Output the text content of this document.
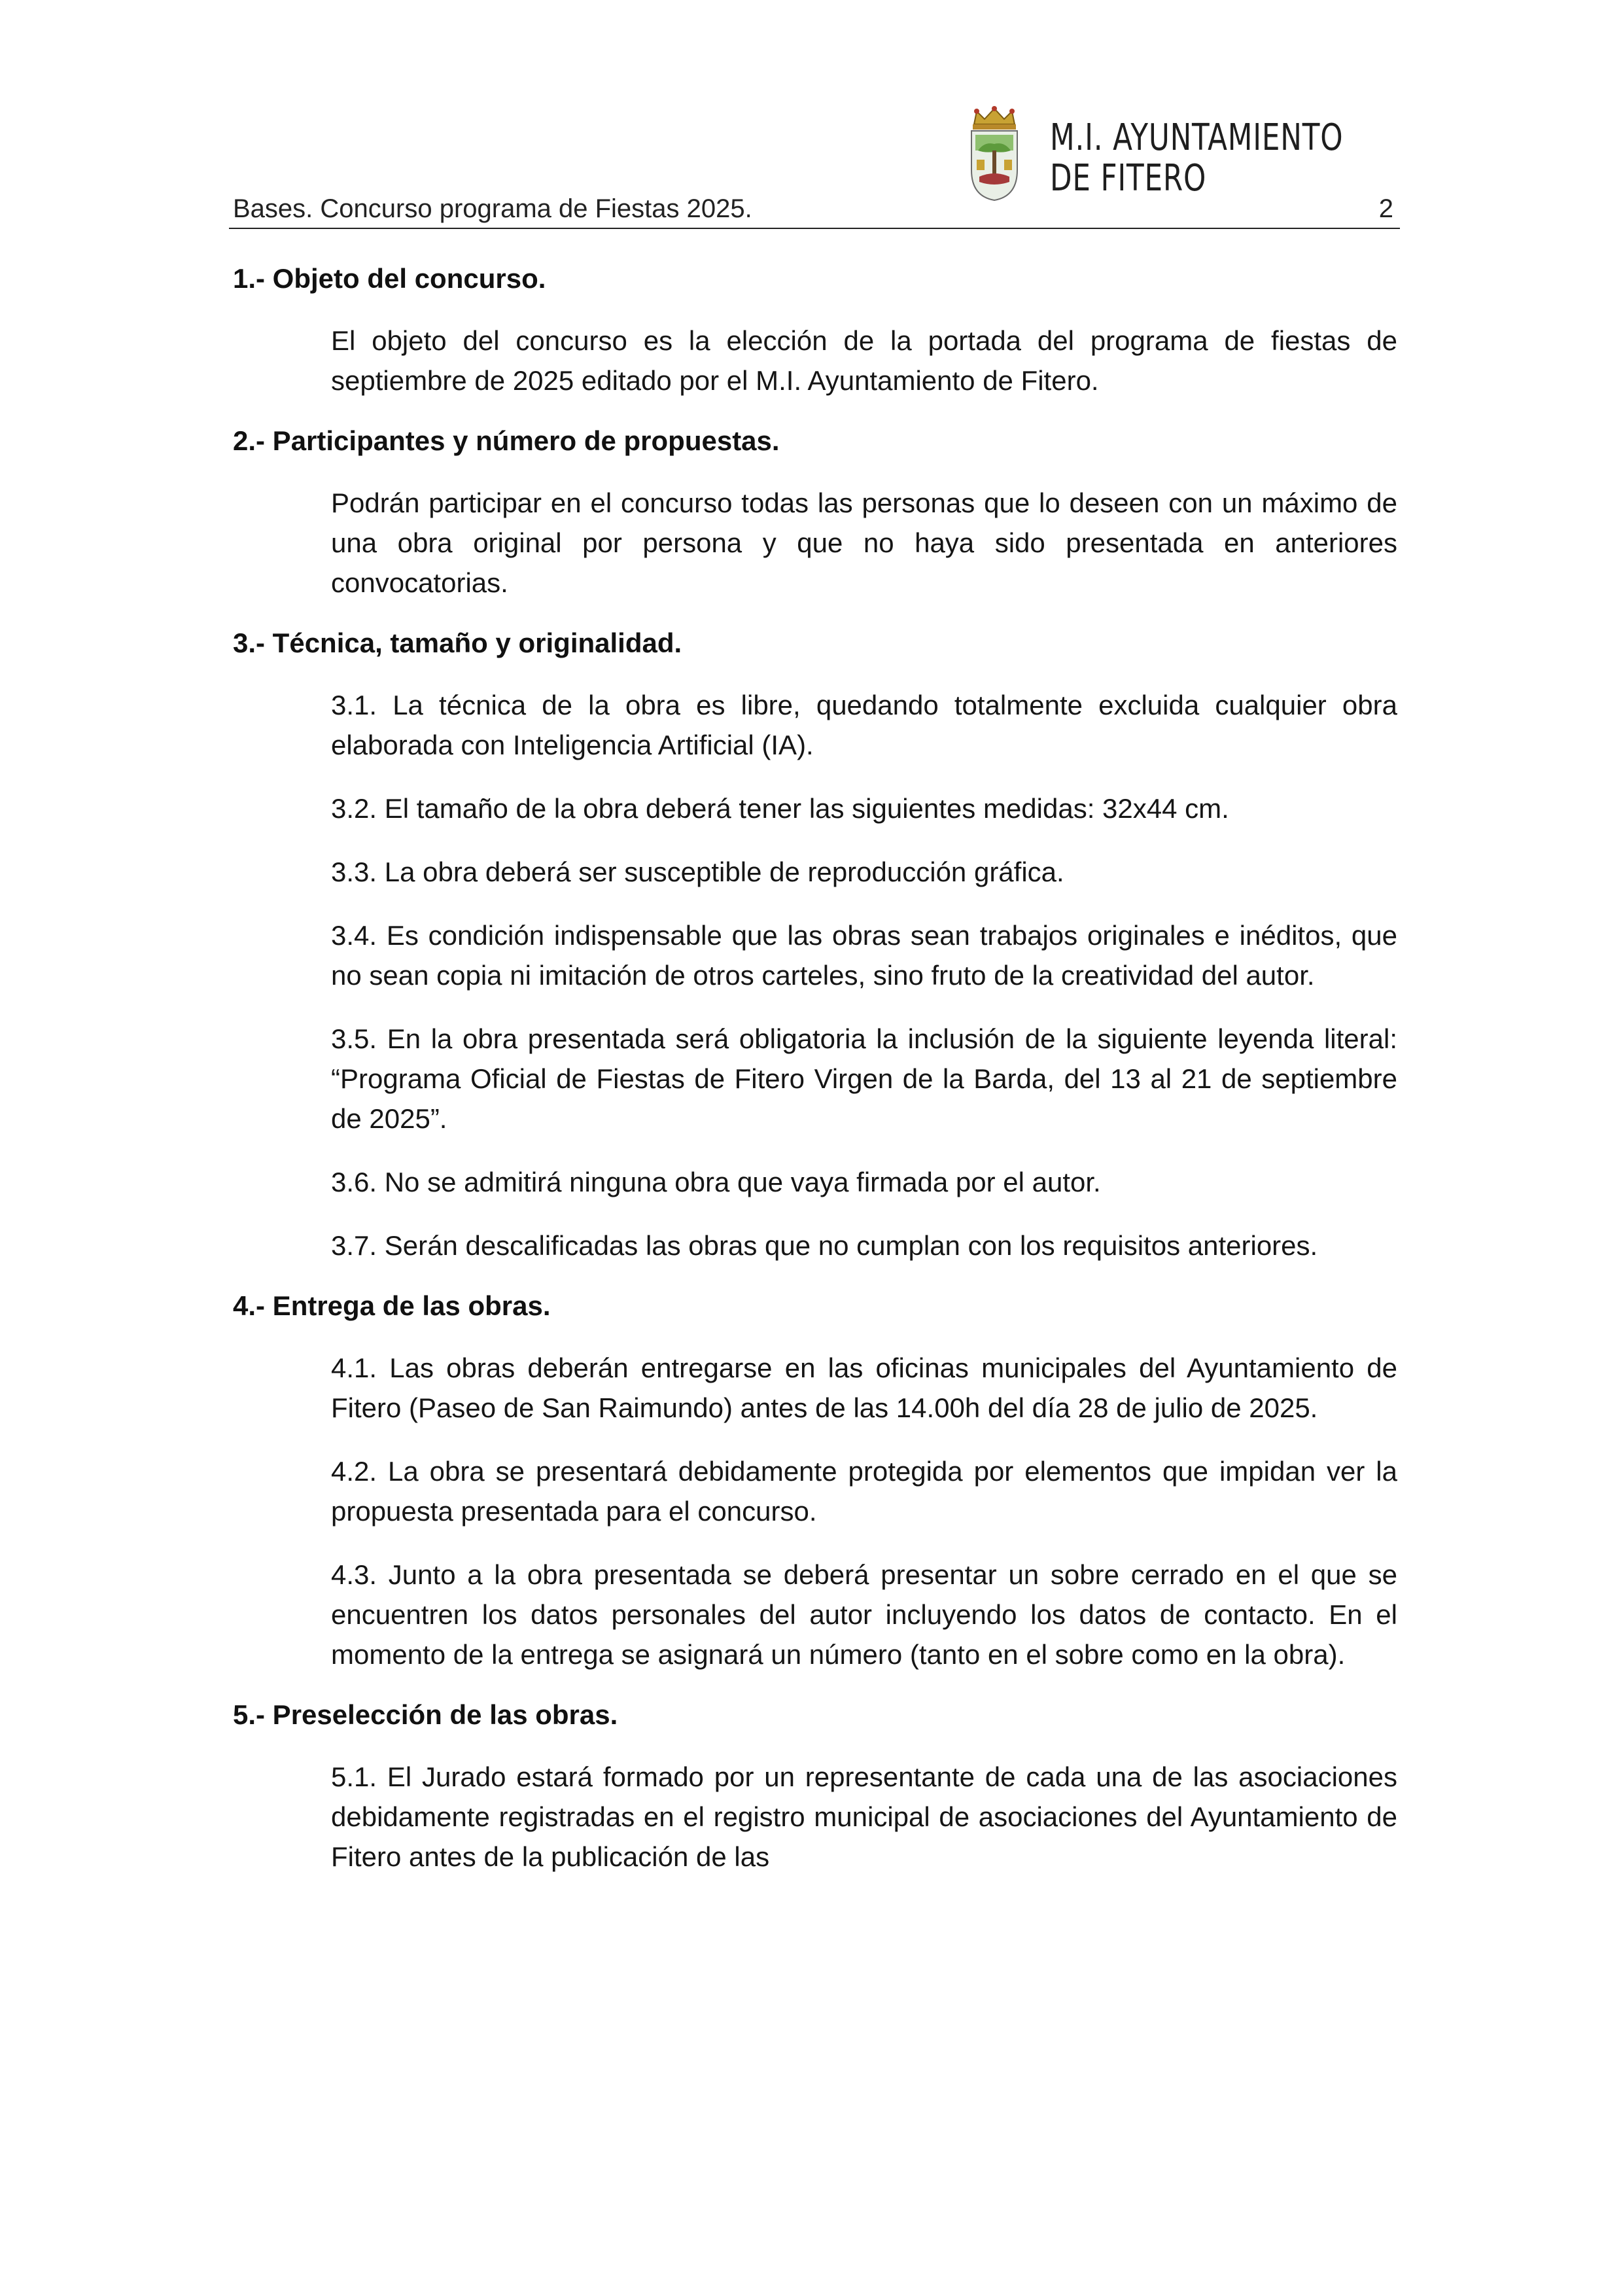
M.I. AYUNTAMIENTO
DE FITERO
Bases. Concurso programa de Fiestas 2025.	2
1.- Objeto del concurso.
El objeto del concurso es la elección de la portada del programa de fiestas de septiembre de 2025 editado por el M.I. Ayuntamiento de Fitero.
2.- Participantes y número de propuestas.
Podrán participar en el concurso todas las personas que lo deseen con un máximo de una obra original por persona y que no haya sido presentada en anteriores convocatorias.
3.- Técnica, tamaño y originalidad.
3.1. La técnica de la obra es libre, quedando totalmente excluida cualquier obra elaborada con Inteligencia Artificial (IA).
3.2. El tamaño de la obra deberá tener las siguientes medidas: 32x44 cm.
3.3. La obra deberá ser susceptible de reproducción gráfica.
3.4. Es condición indispensable que las obras sean trabajos originales e inéditos, que no sean copia ni imitación de otros carteles, sino fruto de la creatividad del autor.
3.5. En la obra presentada será obligatoria la inclusión de la siguiente leyenda literal: “Programa Oficial de Fiestas de Fitero Virgen de la Barda, del 13 al 21 de septiembre de 2025”.
3.6. No se admitirá ninguna obra que vaya firmada por el autor.
3.7. Serán descalificadas las obras que no cumplan con los requisitos anteriores.
4.- Entrega de las obras.
4.1. Las obras deberán entregarse en las oficinas municipales del Ayuntamiento de Fitero (Paseo de San Raimundo) antes de las 14.00h del día 28 de julio de 2025.
4.2. La obra se presentará debidamente protegida por elementos que impidan ver la propuesta presentada para el concurso.
4.3. Junto a la obra presentada se deberá presentar un sobre cerrado en el que se encuentren los datos personales del autor incluyendo los datos de contacto. En el momento de la entrega se asignará un número (tanto en el sobre como en la obra).
5.- Preselección de las obras.
5.1. El Jurado estará formado por un representante de cada una de las asociaciones debidamente registradas en el registro municipal de asociaciones del Ayuntamiento de Fitero antes de la publicación de las
